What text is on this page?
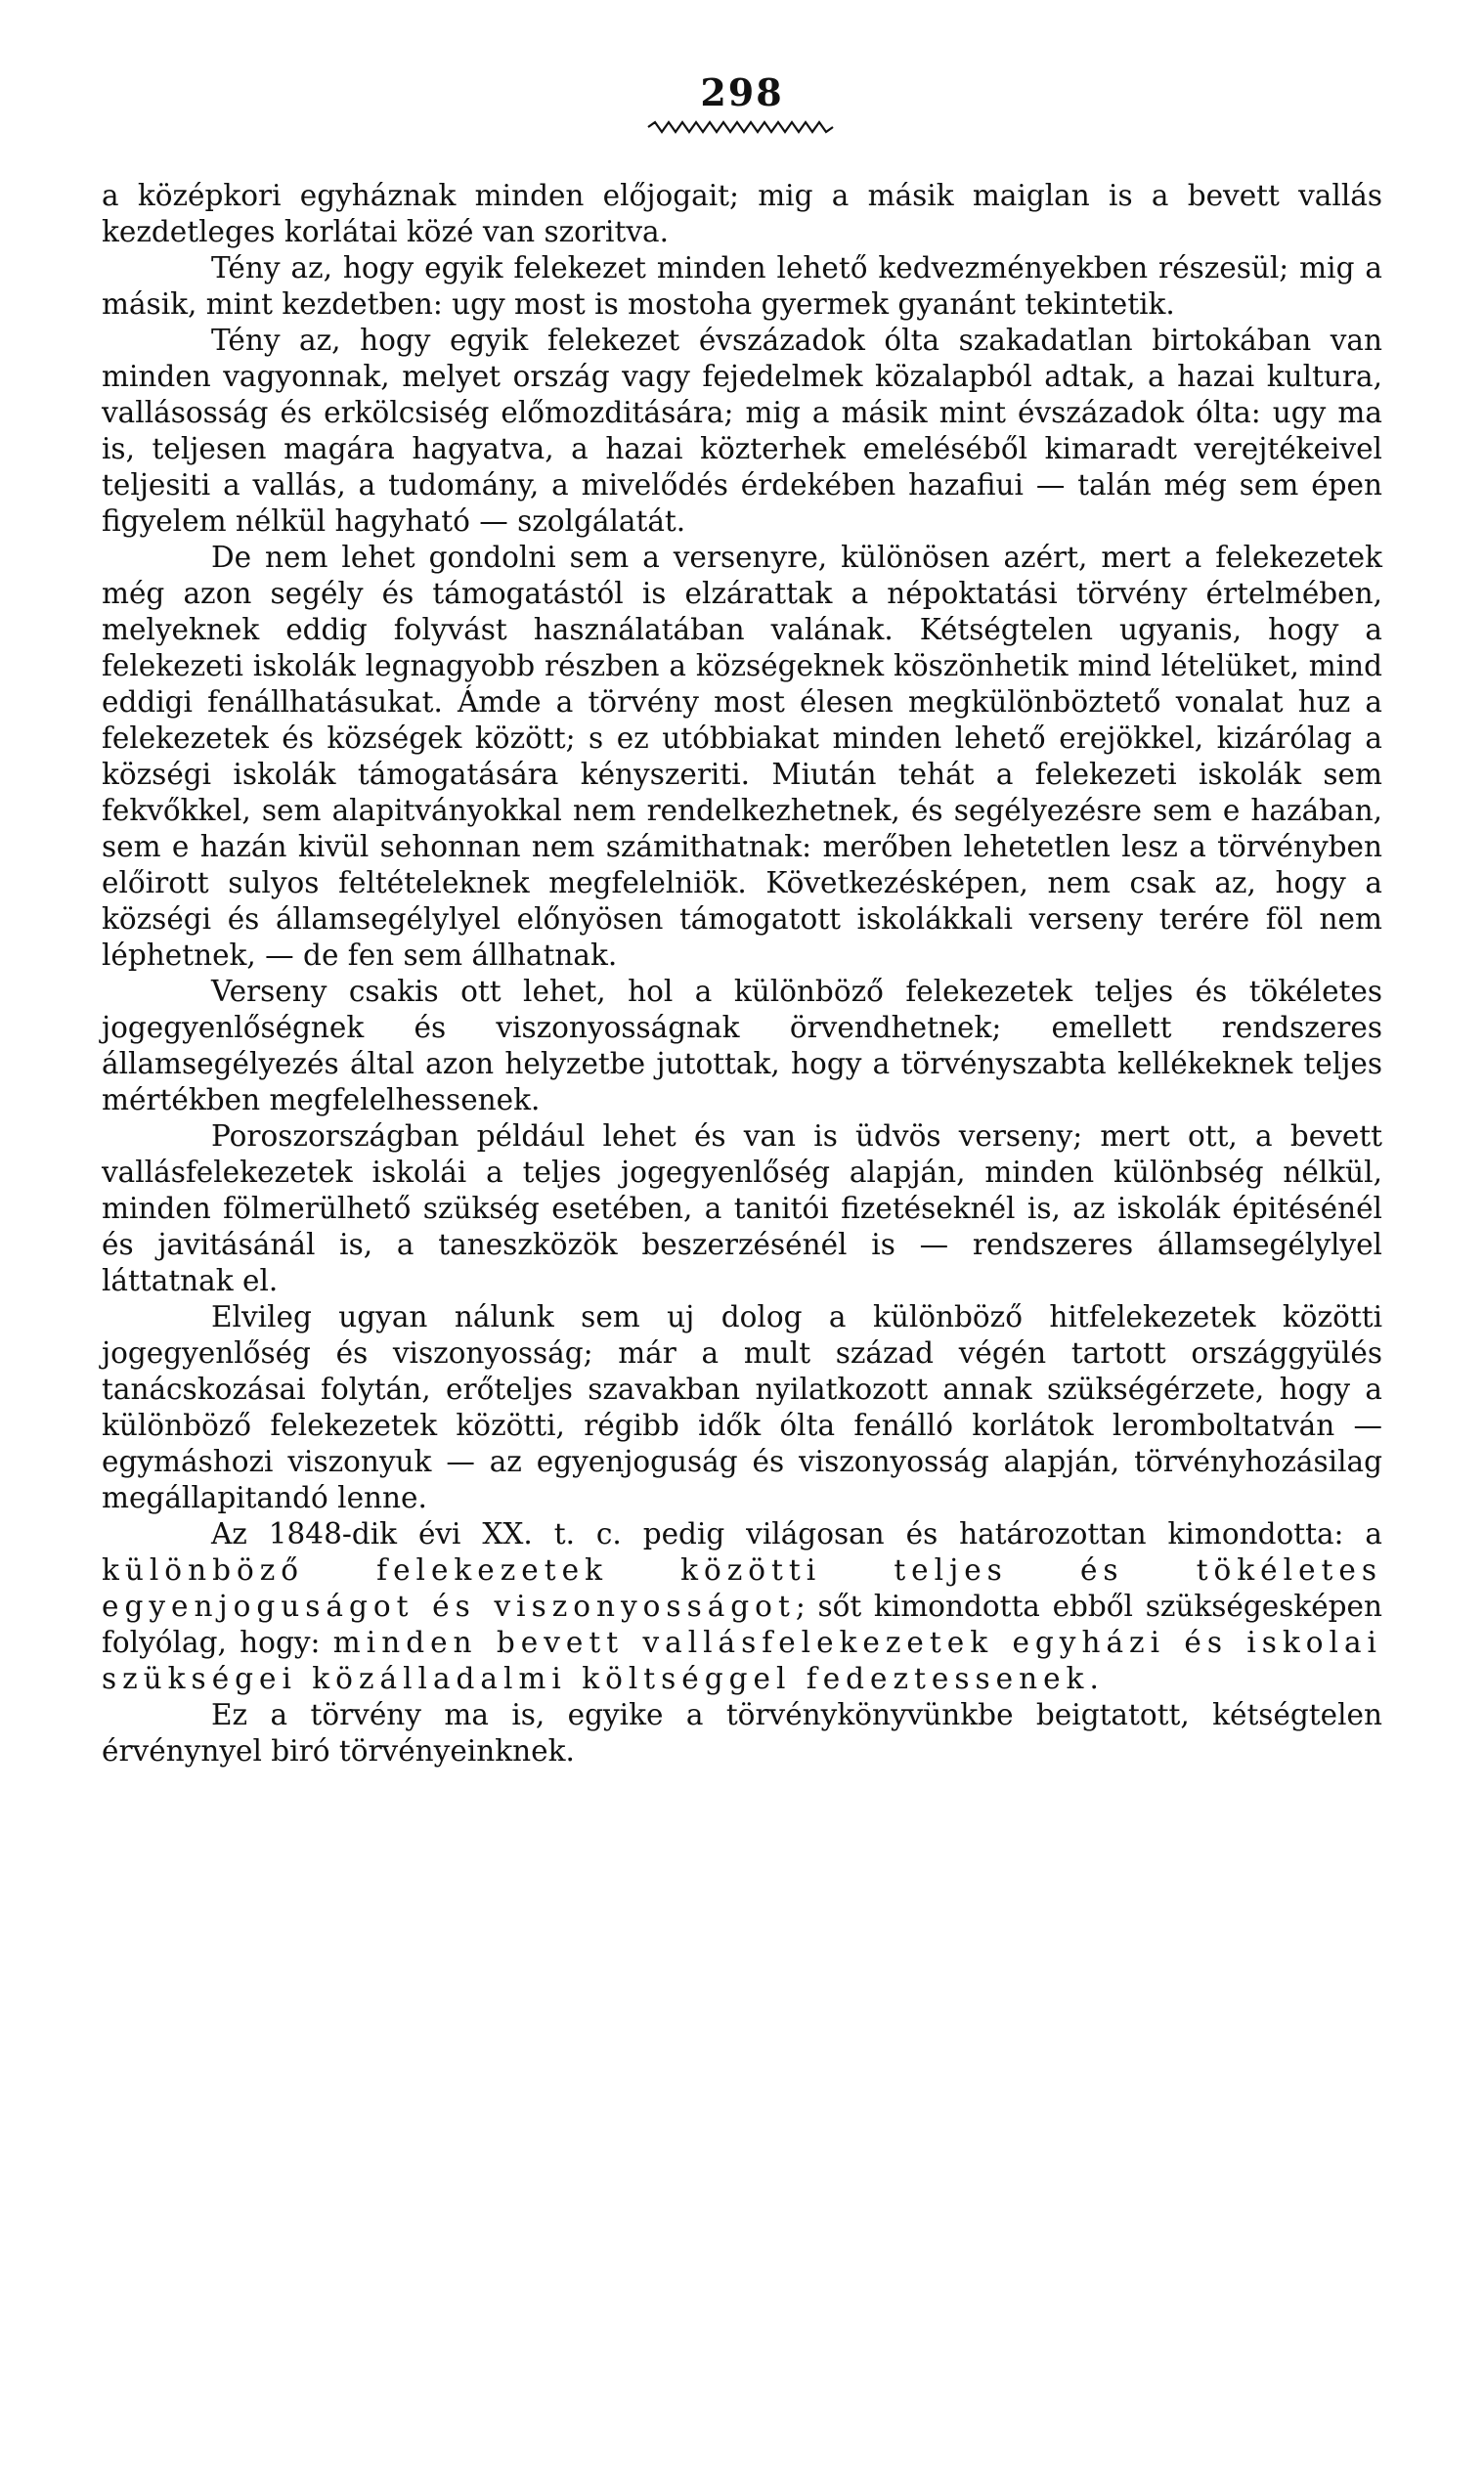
298

a középkori egyháznak minden előjogait; mig a másik maiglan is a bevett vallás kezdetleges korlátai közé van szoritva.

Tény az, hogy egyik felekezet minden lehető kedvezményekben részesül; mig a másik, mint kezdetben: ugy most is mostoha gyermek gyanánt tekintetik.

Tény az, hogy egyik felekezet évszázadok ólta szakadatlan birtokában van minden vagyonnak, melyet ország vagy fejedelmek közalapból adtak, a hazai kultura, vallásosság és erkölcsiség előmozditására; mig a másik mint évszázadok ólta: ugy ma is, teljesen magára hagyatva, a hazai közterhek emeléséből kimaradt verejtékeivel teljesiti a vallás, a tudomány, a mivelődés érdekében hazafiui — talán még sem épen figyelem nélkül hagyható — szolgálatát.

De nem lehet gondolni sem a versenyre, különösen azért, mert a felekezetek még azon segély és támogatástól is elzárattak a népoktatási törvény értelmében, melyeknek eddig folyvást használatában valának. Kétségtelen ugyanis, hogy a felekezeti iskolák legnagyobb részben a községeknek köszönhetik mind lételüket, mind eddigi fenállhatásukat. Ámde a törvény most élesen megkülönböztető vonalat huz a felekezetek és községek között; s ez utóbbiakat minden lehető erejökkel, kizárólag a községi iskolák támogatására kényszeriti. Miután tehát a felekezeti iskolák sem fekvőkkel, sem alapitványokkal nem rendelkezhetnek, és segélyezésre sem e hazában, sem e hazán kivül sehonnan nem számithatnak: merőben lehetetlen lesz a törvényben előirott sulyos feltételeknek megfelelniök. Következésképen, nem csak az, hogy a községi és államsegélylyel előnyösen támogatott iskolákkali verseny terére föl nem léphetnek, — de fen sem állhatnak.

Verseny csakis ott lehet, hol a különböző felekezetek teljes és tökéletes jogegyenlőségnek és viszonyosságnak örvendhetnek; emellett rendszeres államsegélyezés által azon helyzetbe jutottak, hogy a törvényszabta kellékeknek teljes mértékben megfelelhessenek.

Poroszországban például lehet és van is üdvös verseny; mert ott, a bevett vallásfelekezetek iskolái a teljes jogegyenlőség alapján, minden különbség nélkül, minden fölmerülhető szükség esetében, a tanitói fizetéseknél is, az iskolák épitésénél és javitásánál is, a taneszközök beszerzésénél is — rendszeres államsegélylyel láttatnak el.

Elvileg ugyan nálunk sem uj dolog a különböző hitfelekezetek közötti jogegyenlőség és viszonyosság; már a mult század végén tartott országgyülés tanácskozásai folytán, erőteljes szavakban nyilatkozott annak szükségérzete, hogy a különböző felekezetek közötti, régibb idők ólta fenálló korlátok leromboltatván — egymáshozi viszonyuk — az egyenjoguság és viszonyosság alapján, törvényhozásilag megállapitandó lenne.

Az 1848-dik évi XX. t. c. pedig világosan és határozottan kimondotta: a különböző felekezetek közötti teljes és tökéletes egyenjoguságot és viszonyosságot; sőt kimondotta ebből szükségesképen folyólag, hogy: minden bevett vallásfelekezetek egyházi és iskolai szükségei közálladalmi költséggel fedeztessenek.

Ez a törvény ma is, egyike a törvénykönyvünkbe beigtatott, kétségtelen érvénynyel biró törvényeinknek.
